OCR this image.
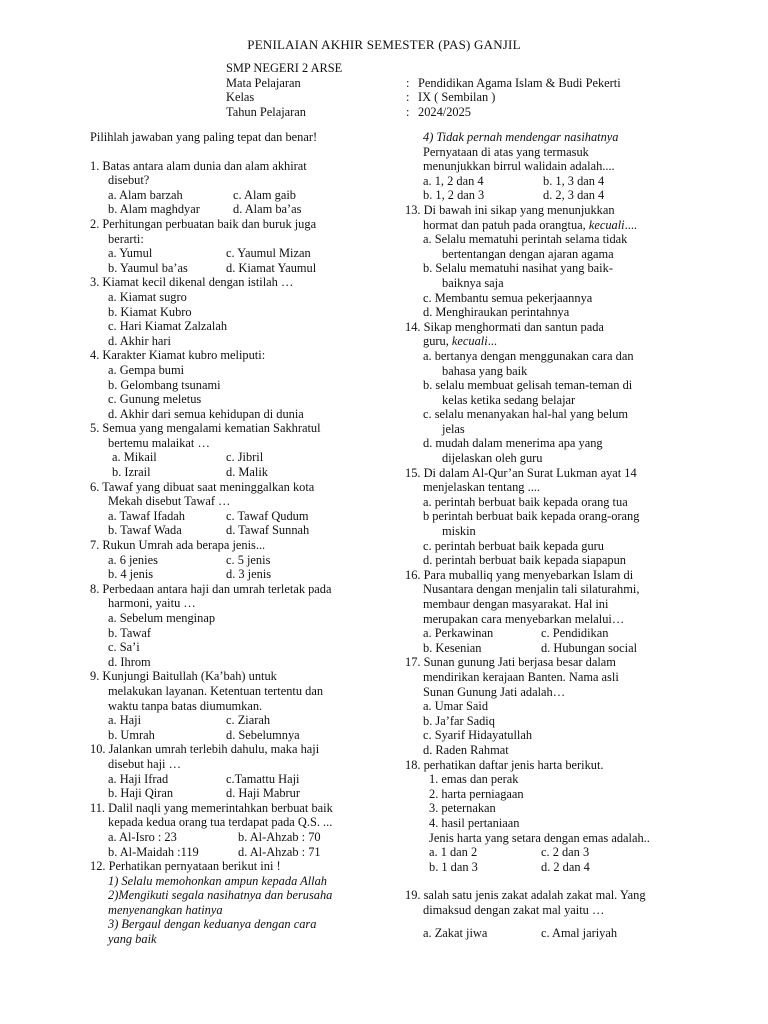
PENILAIAN AKHIR SEMESTER (PAS) GANJIL
SMP NEGERI 2 ARSE
Mata Pelajaran	: Pendidikan Agama Islam & Budi Pekerti
Kelas	: IX ( Sembilan )
Tahun Pelajaran	: 2024/2025
Pilihlah jawaban yang paling tepat dan benar!
1. Batas antara alam dunia dan alam akhirat
disebut?
a. Alam barzah	c. Alam gaib
b. Alam maghdyar	d. Alam ba’as
2. Perhitungan perbuatan baik dan buruk juga
berarti:
a. Yumul	c. Yaumul Mizan
b. Yaumul ba’as	d. Kiamat Yaumul
3. Kiamat kecil dikenal dengan istilah …
a. Kiamat sugro
b. Kiamat Kubro
c. Hari Kiamat Zalzalah
d. Akhir hari
4. Karakter Kiamat kubro meliputi:
a. Gempa bumi
b. Gelombang tsunami
c. Gunung meletus
d. Akhir dari semua kehidupan di dunia
5. Semua yang mengalami kematian Sakhratul
bertemu malaikat …
a. Mikail	c. Jibril
b. Izrail	d. Malik
6. Tawaf yang dibuat saat meninggalkan kota
Mekah disebut Tawaf …
a. Tawaf Ifadah	c. Tawaf Qudum
b. Tawaf Wada	d. Tawaf Sunnah
7. Rukun Umrah ada berapa jenis...
a. 6 jenies	c. 5 jenis
b. 4 jenis	d. 3 jenis
8. Perbedaan antara haji dan umrah terletak pada
harmoni, yaitu …
a. Sebelum menginap
b. Tawaf
c. Sa’i
d. Ihrom
9. Kunjungi Baitullah (Ka’bah) untuk
melakukan layanan. Ketentuan tertentu dan
waktu tanpa batas diumumkan.
a. Haji	c. Ziarah
b. Umrah	d. Sebelumnya
10. Jalankan umrah terlebih dahulu, maka haji
disebut haji …
a. Haji Ifrad	c.Tamattu Haji
b. Haji Qiran	d. Haji Mabrur
11. Dalil naqli yang memerintahkan berbuat baik
kepada kedua orang tua terdapat pada Q.S. ...
a. Al-Isro : 23	b. Al-Ahzab : 70
b. Al-Maidah :119	d. Al-Ahzab : 71
12. Perhatikan pernyataan berikut ini !
1) Selalu memohonkan ampun kepada Allah
2)Mengikuti segala nasihatnya dan berusaha
menyenangkan hatinya
3) Bergaul dengan keduanya dengan cara
yang baik
4) Tidak pernah mendengar nasihatnya
Pernyataan di atas yang termasuk
menunjukkan birrul walidain adalah....
a. 1, 2 dan 4	b. 1, 3 dan 4
b. 1, 2 dan 3	d. 2, 3 dan 4
13. Di bawah ini sikap yang menunjukkan
hormat dan patuh pada orangtua, kecuali....
a. Selalu mematuhi perintah selama tidak
bertentangan dengan ajaran agama
b. Selalu mematuhi nasihat yang baik-
baiknya saja
c. Membantu semua pekerjaannya
d. Menghiraukan perintahnya
14. Sikap menghormati dan santun pada
guru, kecuali...
a. bertanya dengan menggunakan cara dan
bahasa yang baik
b. selalu membuat gelisah teman-teman di
kelas ketika sedang belajar
c. selalu menanyakan hal-hal yang belum
jelas
d. mudah dalam menerima apa yang
dijelaskan oleh guru
15. Di dalam Al-Qur’an Surat Lukman ayat 14
menjelaskan tentang ....
a. perintah berbuat baik kepada orang tua
b perintah berbuat baik kepada orang-orang
miskin
c. perintah berbuat baik kepada guru
d. perintah berbuat baik kepada siapapun
16. Para muballiq yang menyebarkan Islam di
Nusantara dengan menjalin tali silaturahmi,
membaur dengan masyarakat. Hal ini
merupakan cara menyebarkan melalui…
a. Perkawinan	c. Pendidikan
b. Kesenian	d. Hubungan social
17. Sunan gunung Jati berjasa besar dalam
mendirikan kerajaan Banten. Nama asli
Sunan Gunung Jati adalah…
a. Umar Said
b. Ja’far Sadiq
c. Syarif Hidayatullah
d. Raden Rahmat
18. perhatikan daftar jenis harta berikut.
1. emas dan perak
2. harta perniagaan
3. peternakan
4. hasil pertaniaan
Jenis harta yang setara dengan emas adalah..
a. 1 dan 2	c. 2 dan 3
b. 1 dan 3	d. 2 dan 4
19. salah satu jenis zakat adalah zakat mal. Yang
dimaksud dengan zakat mal yaitu …
a. Zakat jiwa	c. Amal jariyah
